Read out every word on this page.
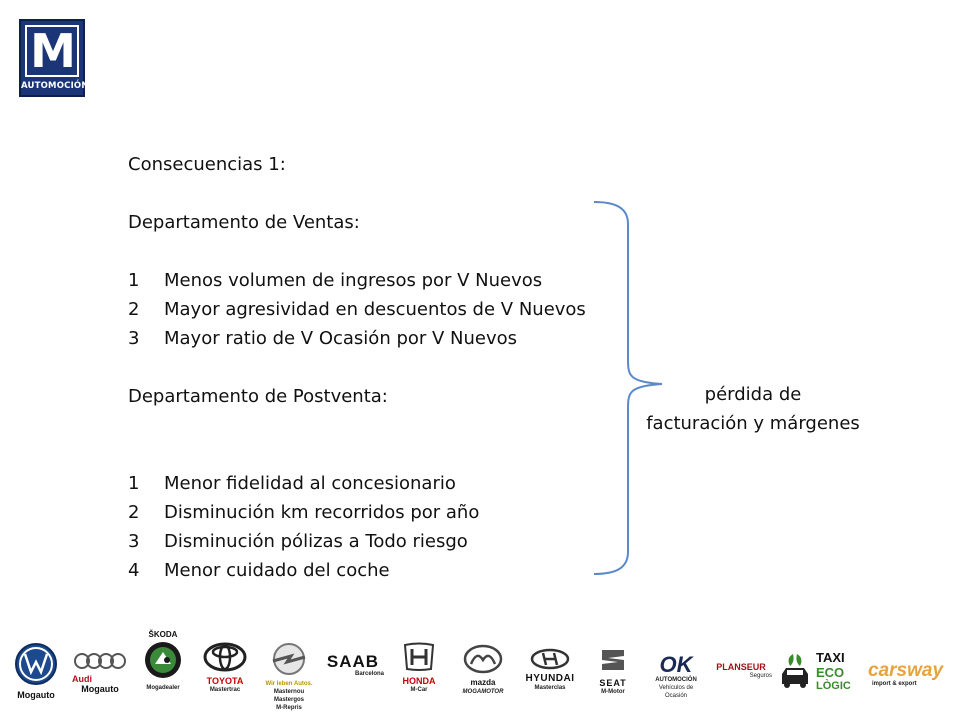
M
AUTOMOCIÓN
Consecuencias 1:
Departamento de Ventas:
1 Menos volumen de ingresos por V Nuevos
2 Mayor agresividad en descuentos de V Nuevos
3 Mayor ratio de V Ocasión por V Nuevos
Departamento de Postventa:
1 Menor fidelidad al concesionario
2 Disminución km recorridos por año
3 Disminución pólizas a Todo riesgo
4 Menor cuidado del coche
pérdida de
facturación y márgenes
Mogauto
Audi
Mogauto
ŠKODA
Mogadealer
TOYOTA
Mastertrac
Wir leben Autos.
Masternou
Mastergos
M-Repris
SAAB
Barcelona
HONDA
M-Car
mazda
MOGAMOTOR
HYUNDAI
Masterclas	SEAT
M-Motor
OK
AUTOMOCIÓN
Vehículos de
Ocasión
PLANSEUR
Seguros
TAXI
ECO
LÒGIC
carsway
import & export
